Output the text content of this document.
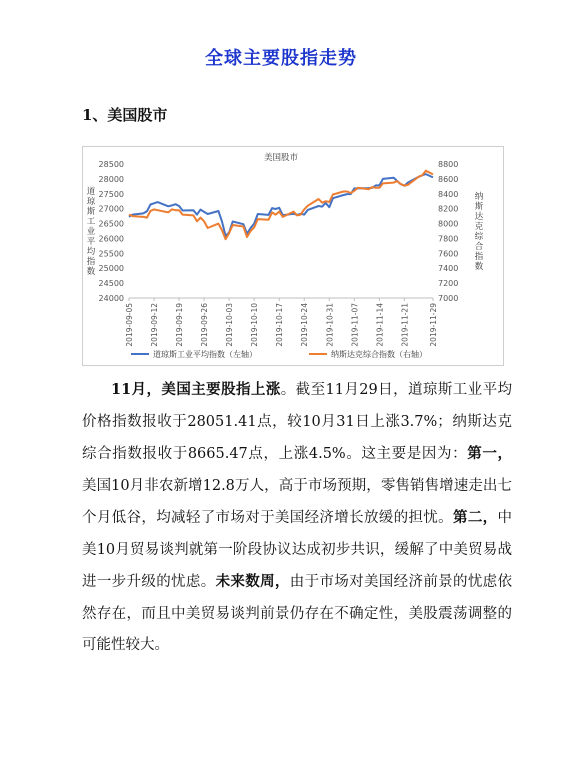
全球主要股指走势
1、美国股市
美国股市
24000
24500
25000
25500
26000
26500
27000
27500
28000
28500
7000
7200
7400
7600
7800
8000
8200
8400
8600
8800
道琼斯工业平均指数
纳斯达克综合指数
2019-09-05 2019-09-12 2019-09-19 2019-09-26 2019-10-03 2019-10-10 2019-10-17 2019-10-24 2019-10-31 2019-11-07 2019-11-14 2019-11-21	2019-11-29
道琼斯工业平均指数（左轴）	纳斯达克综合指数（右轴）

11月，美国主要股指上涨。截至11月29日，道琼斯工业平均价格指数报收于28051.41点，较10月31日上涨3.7%；纳斯达克综合指数报收于8665.47点，上涨4.5%。这主要是因为：第一，美国10月非农新增12.8万人，高于市场预期，零售销售增速走出七个月低谷，均减轻了市场对于美国经济增长放缓的担忧。第二，中美10月贸易谈判就第一阶段协议达成初步共识，缓解了中美贸易战进一步升级的忧虑。未来数周，由于市场对美国经济前景的忧虑依然存在，而且中美贸易谈判前景仍存在不确定性，美股震荡调整的可能性较大。
